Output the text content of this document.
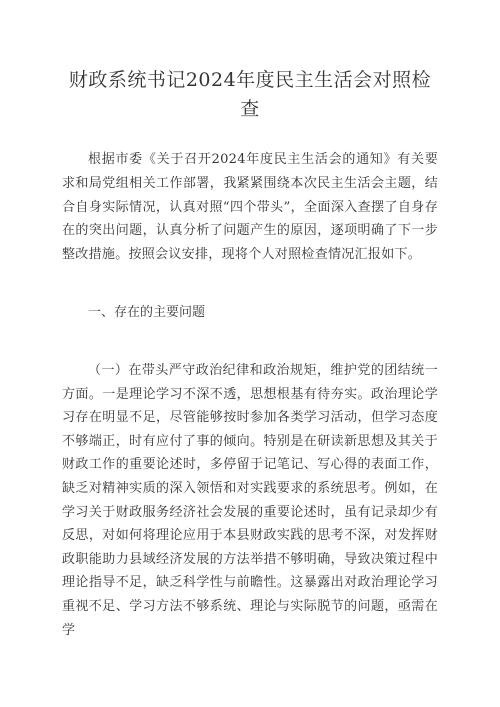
财政系统书记2024年度民主生活会对照检查
根据市委《关于召开2024年度民主生活会的通知》有关要求和局党组相关工作部署，我紧紧围绕本次民主生活会主题，结合自身实际情况，认真对照“四个带头”，全面深入查摆了自身存在的突出问题，认真分析了问题产生的原因，逐项明确了下一步整改措施。按照会议安排，现将个人对照检查情况汇报如下。
一、存在的主要问题
（一）在带头严守政治纪律和政治规矩，维护党的团结统一方面。一是理论学习不深不透，思想根基有待夯实。政治理论学习存在明显不足，尽管能够按时参加各类学习活动，但学习态度不够端正，时有应付了事的倾向。特别是在研读新思想及其关于财政工作的重要论述时，多停留于记笔记、写心得的表面工作，缺乏对精神实质的深入领悟和对实践要求的系统思考。例如，在学习关于财政服务经济社会发展的重要论述时，虽有记录却少有反思，对如何将理论应用于本县财政实践的思考不深，对发挥财政职能助力县域经济发展的方法举措不够明确，导致决策过程中理论指导不足，缺乏科学性与前瞻性。这暴露出对政治理论学习重视不足、学习方法不够系统、理论与实际脱节的问题，亟需在学
